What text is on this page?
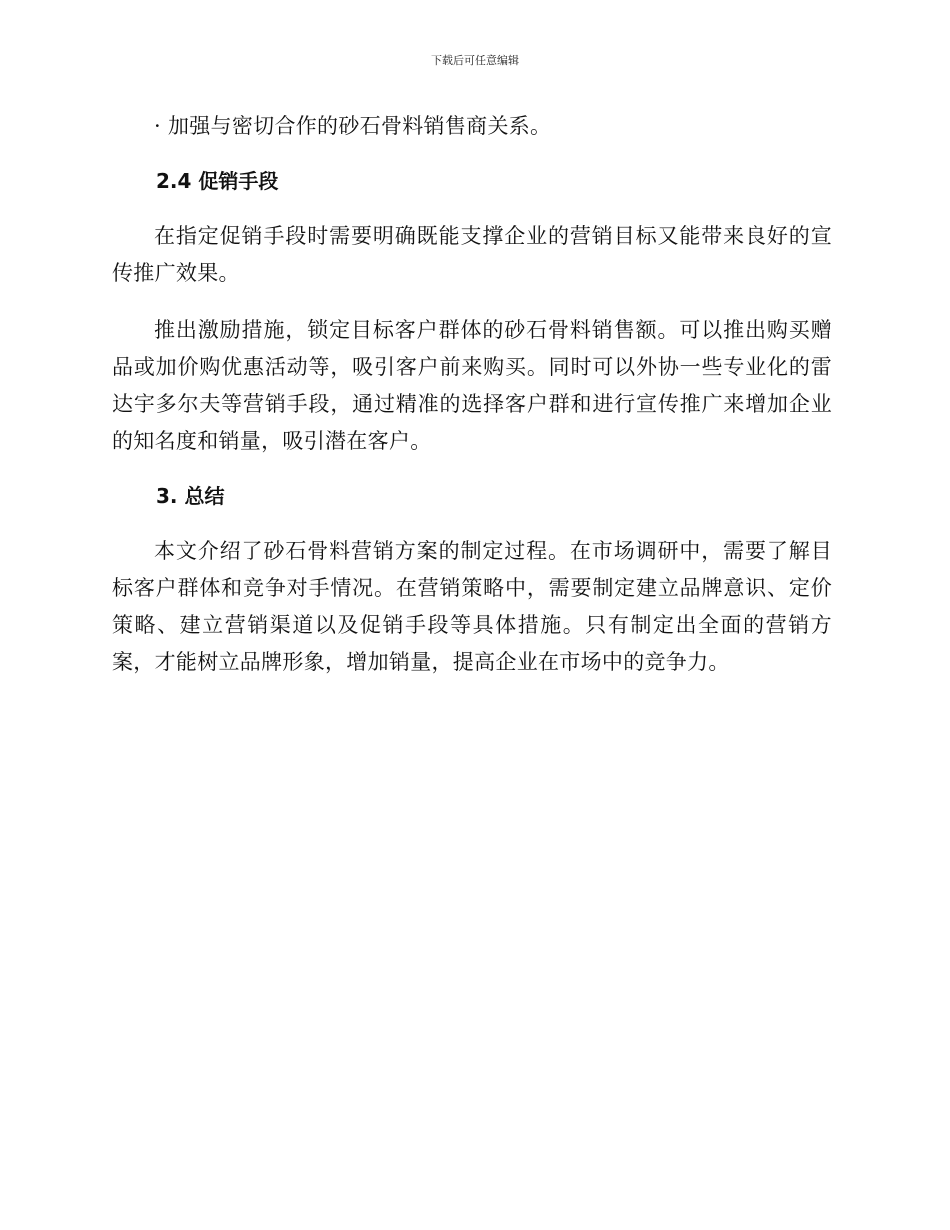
下载后可任意编辑

· 加强与密切合作的砂石骨料销售商关系。

2.4 促销手段

在指定促销手段时需要明确既能支撑企业的营销目标又能带来良好的宣传推广效果。

推出激励措施，锁定目标客户群体的砂石骨料销售额。可以推出购买赠品或加价购优惠活动等，吸引客户前来购买。同时可以外协一些专业化的雷达宇多尔夫等营销手段，通过精准的选择客户群和进行宣传推广来增加企业的知名度和销量，吸引潜在客户。

3. 总结

本文介绍了砂石骨料营销方案的制定过程。在市场调研中，需要了解目标客户群体和竞争对手情况。在营销策略中，需要制定建立品牌意识、定价策略、建立营销渠道以及促销手段等具体措施。只有制定出全面的营销方案，才能树立品牌形象，增加销量，提高企业在市场中的竞争力。
